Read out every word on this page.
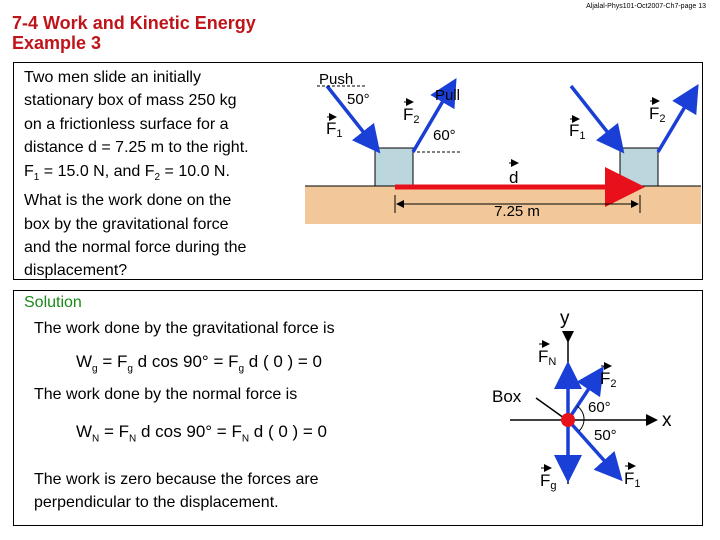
7-4 Work and Kinetic Energy
Example 3
Aljalal-Phys101-Oct2007-Ch7-page 13
Two men slide an initially
stationary box of mass 250 kg
on a frictionless surface for a
distance d = 7.25 m to the right.
$F_1 = 15.0$ N, and $F_2 = 10.0$ N.
What is the work done on the
box by the gravitational force
and the normal force during the
displacement?
7.25 m
d
Push
50°
F1
Pull
60°
F2
F1
F2
Solution
The work done by the gravitational force is
$W_g = F_g$ d $\cos 90^\circ = F_g$ d ( 0 ) = 0
The work done by the normal force is
$W_N = F_N$ d $\cos 90^\circ = F_N$ d ( 0 ) = 0
The work is zero because the forces are
perpendicular to the displacement.
y
x
Box
60°
50°
FN
F2
Fg	F1
